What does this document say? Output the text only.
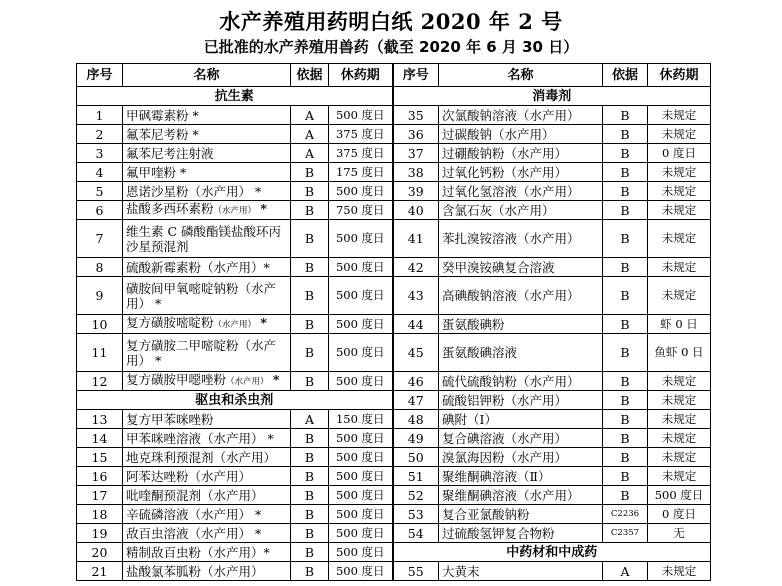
水产养殖用药明白纸 2020 年 2 号
已批准的水产养殖用兽药（截至 2020 年 6 月 30 日）
序号	名称	依据	休药期	序号	名称	依据	休药期
抗生素				消毒剂			
1	甲砜霉素粉 *	A	500 度日	35	次氯酸钠溶液（水产用）	B	未规定
2	氟苯尼考粉 *	A	375 度日	36	过碳酸钠（水产用）	B	未规定
3	氟苯尼考注射液	A	375 度日	37	过硼酸钠粉（水产用）	B	0 度日
4	氟甲喹粉 *	B	175 度日	38	过氧化钙粉（水产用）	B	未规定
5	恩诺沙星粉（水产用） *	B	500 度日	39	过氧化氢溶液（水产用）	B	未规定
6	盐酸多西环素粉（水产用） *	B	750 度日	40	含氯石灰（水产用）	B	未规定
7	维生素 C 磷酸酯镁盐酸环丙沙星预混剂	B	500 度日	41	苯扎溴铵溶液（水产用）	B	未规定
8	硫酸新霉素粉（水产用）*	B	500 度日	42	癸甲溴铵碘复合溶液	B	未规定
9	磺胺间甲氧嘧啶钠粉（水产用） *	B	500 度日	43	高碘酸钠溶液（水产用）	B	未规定
10	复方磺胺嘧啶粉（水产用） *	B	500 度日	44	蛋氨酸碘粉	B	虾 0 日
11	复方磺胺二甲嘧啶粉（水产用） *	B	500 度日	45	蛋氨酸碘溶液	B	鱼虾 0 日
12	复方磺胺甲噁唑粉（水产用） *	B	500 度日	46	硫代硫酸钠粉（水产用）	B	未规定
驱虫和杀虫剂				47	硫酸铝钾粉（水产用）	B	未规定
13	复方甲苯咪唑粉	A	150 度日	48	碘附（Ⅰ）	B	未规定
14	甲苯咪唑溶液（水产用） *	B	500 度日	49	复合碘溶液（水产用）	B	未规定
15	地克珠利预混剂（水产用）	B	500 度日	50	溴氯海因粉（水产用）	B	未规定
16	阿苯达唑粉（水产用）	B	500 度日	51	聚维酮碘溶液（Ⅱ）	B	未规定
17	吡喹酮预混剂（水产用）	B	500 度日	52	聚维酮碘溶液（水产用）	B	500 度日
18	辛硫磷溶液（水产用） *	B	500 度日	53	复合亚氯酸钠粉	C2236	0 度日
19	敌百虫溶液（水产用） *	B	500 度日	54	过硫酸氢钾复合物粉	C2357	无
20	精制敌百虫粉（水产用）*	B	500 度日	中药材和中成药			
21	盐酸氯苯胍粉（水产用）	B	500 度日	55	大黄末	A	未规定
